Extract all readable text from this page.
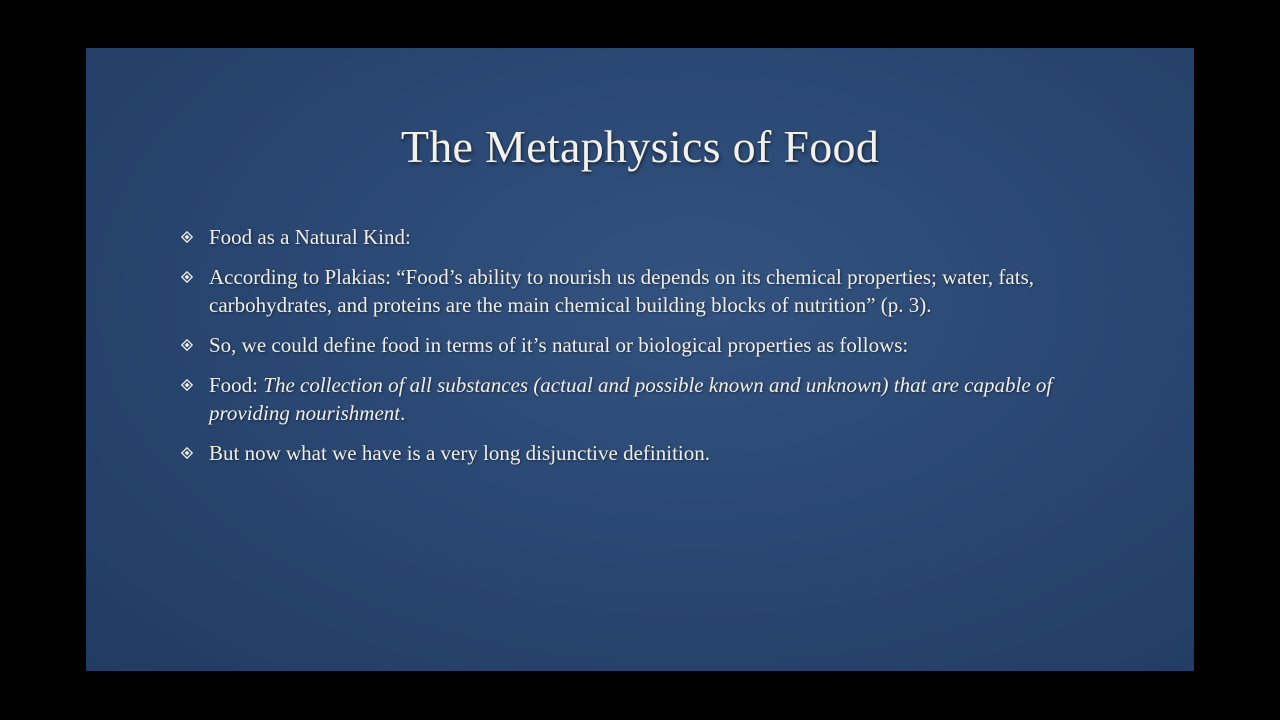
The Metaphysics of Food
Food as a Natural Kind:
According to Plakias: “Food’s ability to nourish us depends on its chemical properties; water, fats, carbohydrates, and proteins are the main chemical building blocks of nutrition” (p. 3).
So, we could define food in terms of it’s natural or biological properties as follows:
Food: The collection of all substances (actual and possible known and unknown) that are capable of providing nourishment.
But now what we have is a very long disjunctive definition.
